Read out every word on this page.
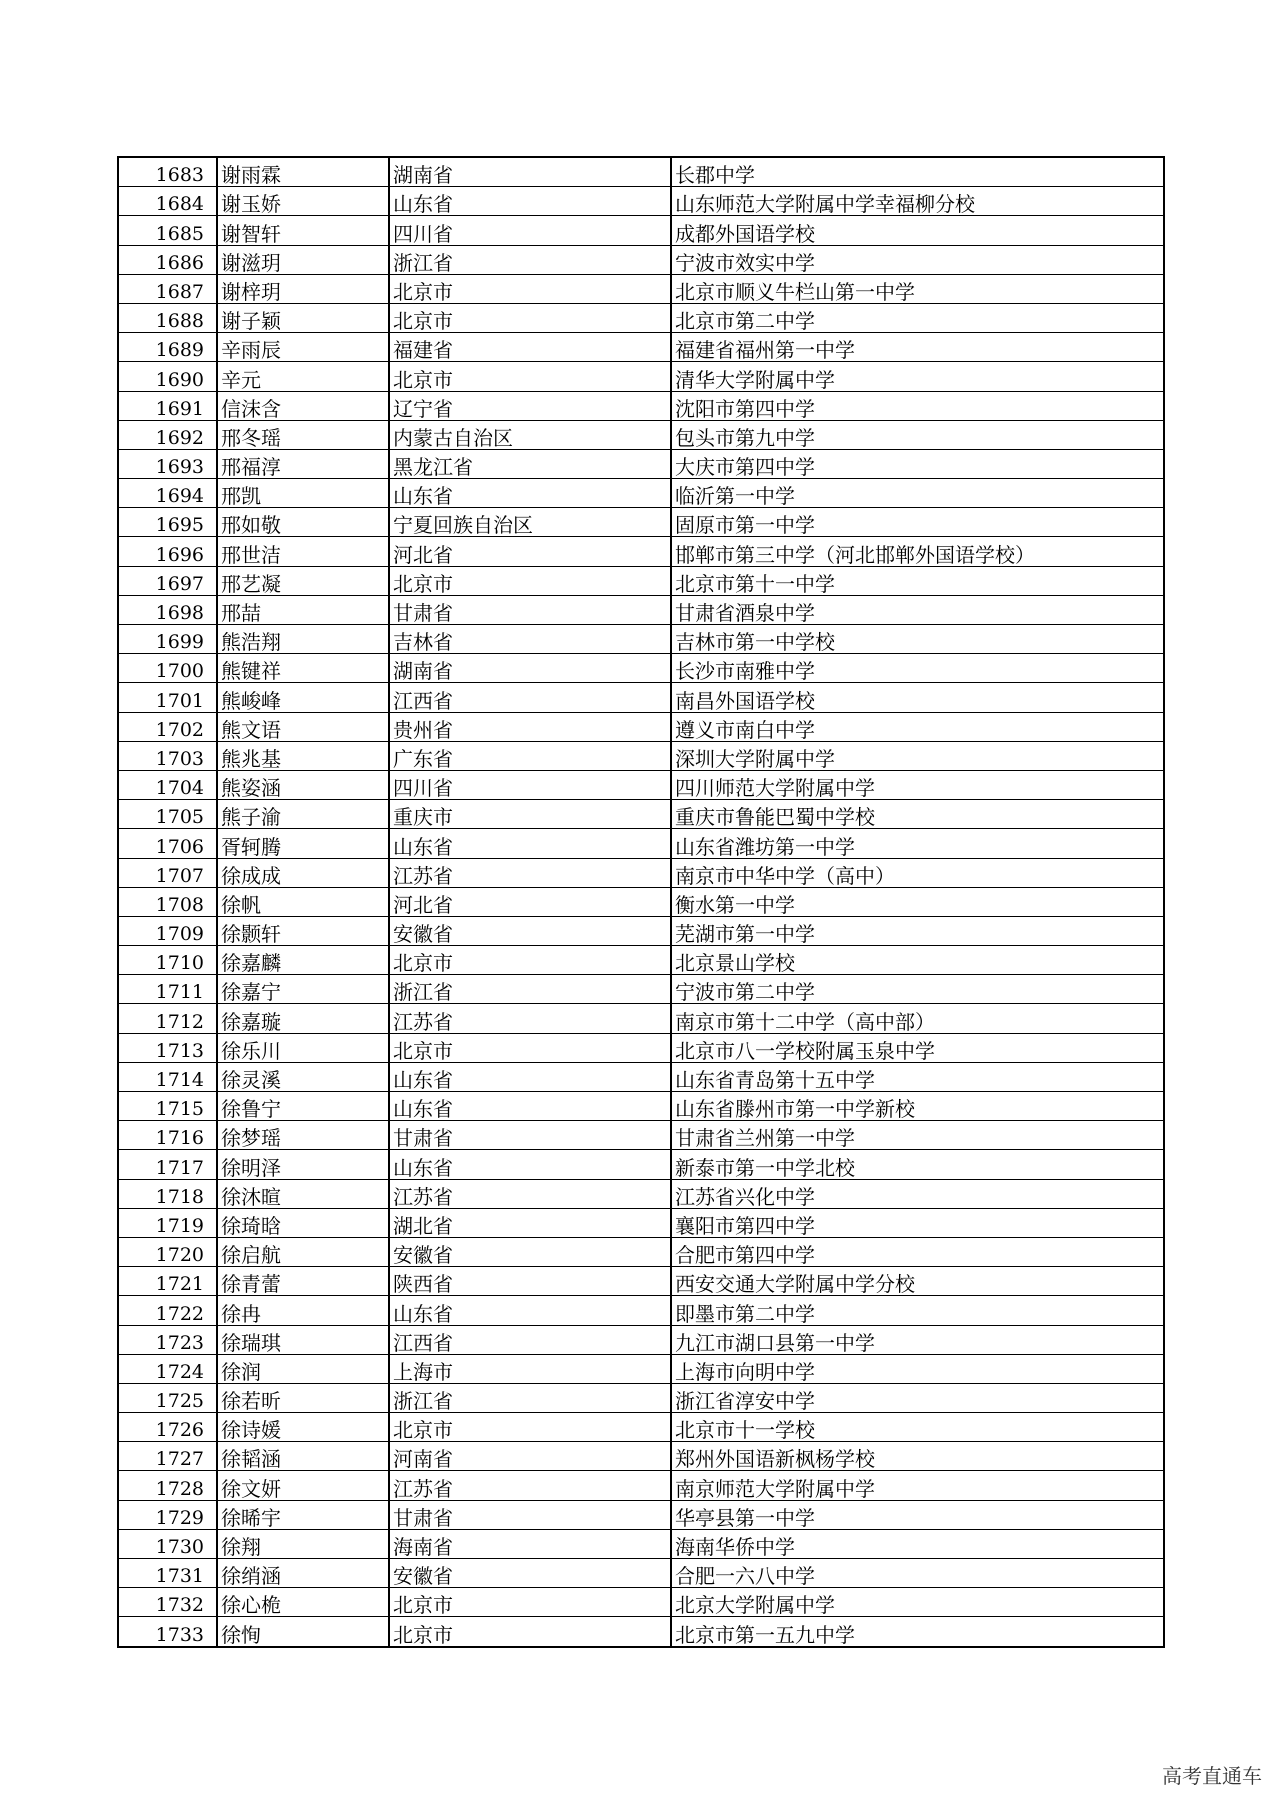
1683	谢雨霖	湖南省	长郡中学
1684	谢玉娇	山东省	山东师范大学附属中学幸福柳分校
1685	谢智轩	四川省	成都外国语学校
1686	谢滋玥	浙江省	宁波市效实中学
1687	谢梓玥	北京市	北京市顺义牛栏山第一中学
1688	谢子颖	北京市	北京市第二中学
1689	辛雨辰	福建省	福建省福州第一中学
1690	辛元	北京市	清华大学附属中学
1691	信沫含	辽宁省	沈阳市第四中学
1692	邢冬瑶	内蒙古自治区	包头市第九中学
1693	邢福淳	黑龙江省	大庆市第四中学
1694	邢凯	山东省	临沂第一中学
1695	邢如敬	宁夏回族自治区	固原市第一中学
1696	邢世洁	河北省	邯郸市第三中学（河北邯郸外国语学校）
1697	邢艺凝	北京市	北京市第十一中学
1698	邢喆	甘肃省	甘肃省酒泉中学
1699	熊浩翔	吉林省	吉林市第一中学校
1700	熊键祥	湖南省	长沙市南雅中学
1701	熊峻峰	江西省	南昌外国语学校
1702	熊文语	贵州省	遵义市南白中学
1703	熊兆基	广东省	深圳大学附属中学
1704	熊姿涵	四川省	四川师范大学附属中学
1705	熊子渝	重庆市	重庆市鲁能巴蜀中学校
1706	胥轲腾	山东省	山东省潍坊第一中学
1707	徐成成	江苏省	南京市中华中学（高中）
1708	徐帆	河北省	衡水第一中学
1709	徐颢轩	安徽省	芜湖市第一中学
1710	徐嘉麟	北京市	北京景山学校
1711	徐嘉宁	浙江省	宁波市第二中学
1712	徐嘉璇	江苏省	南京市第十二中学（高中部）
1713	徐乐川	北京市	北京市八一学校附属玉泉中学
1714	徐灵溪	山东省	山东省青岛第十五中学
1715	徐鲁宁	山东省	山东省滕州市第一中学新校
1716	徐梦瑶	甘肃省	甘肃省兰州第一中学
1717	徐明泽	山东省	新泰市第一中学北校
1718	徐沐暄	江苏省	江苏省兴化中学
1719	徐琦晗	湖北省	襄阳市第四中学
1720	徐启航	安徽省	合肥市第四中学
1721	徐青蕾	陕西省	西安交通大学附属中学分校
1722	徐冉	山东省	即墨市第二中学
1723	徐瑞琪	江西省	九江市湖口县第一中学
1724	徐润	上海市	上海市向明中学
1725	徐若昕	浙江省	浙江省淳安中学
1726	徐诗媛	北京市	北京市十一学校
1727	徐韬涵	河南省	郑州外国语新枫杨学校
1728	徐文妍	江苏省	南京师范大学附属中学
1729	徐晞宇	甘肃省	华亭县第一中学
1730	徐翔	海南省	海南华侨中学
1731	徐绡涵	安徽省	合肥一六八中学
1732	徐心桅	北京市	北京大学附属中学
1733	徐恂	北京市	北京市第一五九中学
高考直通车
